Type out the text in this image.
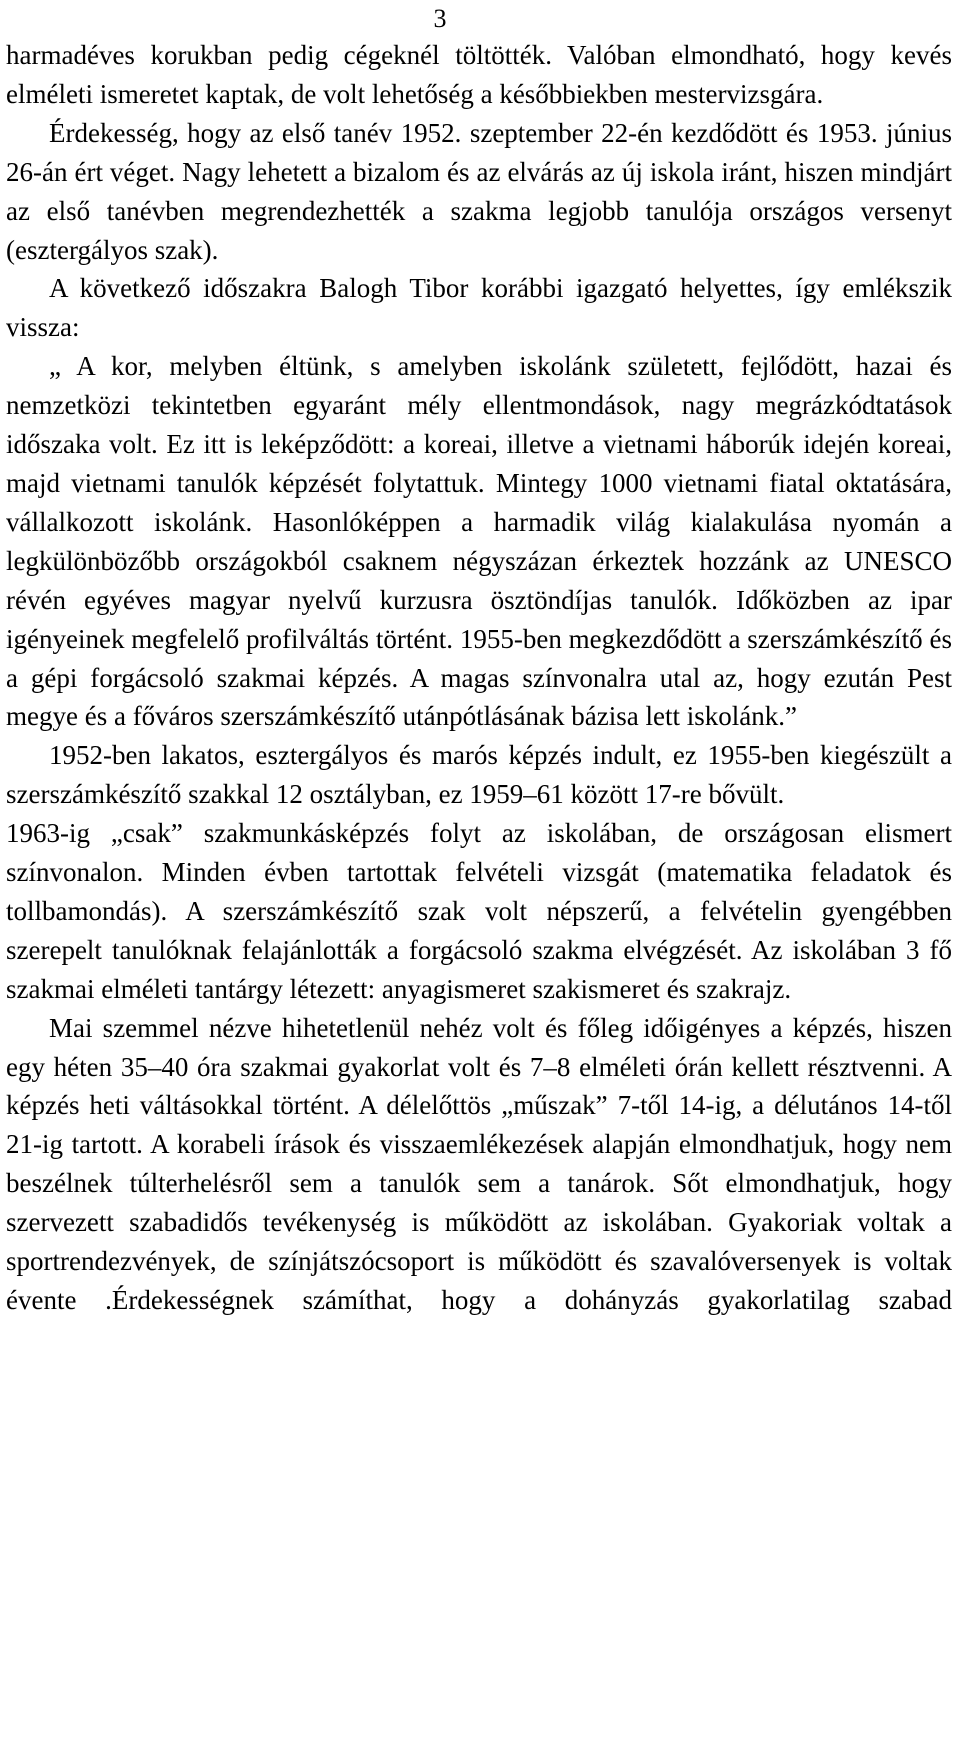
3

harmadéves korukban pedig cégeknél töltötték. Valóban elmondható, hogy kevés elméleti ismeretet kaptak, de volt lehetőség a későbbiekben mestervizsgára.

Érdekesség, hogy az első tanév 1952. szeptember 22-én kezdődött és 1953. június 26-án ért véget. Nagy lehetett a bizalom és az elvárás az új iskola iránt, hiszen mindjárt az első tanévben megrendezhették a szakma legjobb tanulója országos versenyt (esztergályos szak).

A következő időszakra Balogh Tibor korábbi igazgató helyettes, így emlékszik vissza:

„ A kor, melyben éltünk, s amelyben iskolánk született, fejlődött, hazai és nemzetközi tekintetben egyaránt mély ellentmondások, nagy megrázkódtatások időszaka volt. Ez itt is leképződött: a koreai, illetve a vietnami háborúk idején koreai, majd vietnami tanulók képzését folytattuk. Mintegy 1000 vietnami fiatal oktatására, vállalkozott iskolánk. Hasonlóképpen a harmadik világ kialakulása nyomán a legkülönbözőbb országokból csaknem négyszázan érkeztek hozzánk az UNESCO révén egyéves magyar nyelvű kurzusra ösztöndíjas tanulók. Időközben az ipar igényeinek megfelelő profilváltás történt. 1955-ben megkezdődött a szerszámkészítő és a gépi forgácsoló szakmai képzés. A magas színvonalra utal az, hogy ezután Pest megye és a főváros szerszámkészítő utánpótlásának bázisa lett iskolánk.”

1952-ben lakatos, esztergályos és marós képzés indult, ez 1955-ben kiegészült a szerszámkészítő szakkal 12 osztályban, ez 1959–61 között 17-re bővült.

1963-ig „csak” szakmunkásképzés folyt az iskolában, de országosan elismert színvonalon. Minden évben tartottak felvételi vizsgát (matematika feladatok és tollbamondás). A szerszámkészítő szak volt népszerű, a felvételin gyengébben szerepelt tanulóknak felajánlották a forgácsoló szakma elvégzését. Az iskolában 3 fő szakmai elméleti tantárgy létezett: anyagismeret szakismeret és szakrajz.

Mai szemmel nézve hihetetlenül nehéz volt és főleg időigényes a képzés, hiszen egy héten 35–40 óra szakmai gyakorlat volt és 7–8 elméleti órán kellett résztvenni. A képzés heti váltásokkal történt. A délelőttös „műszak” 7-től 14-ig, a délutános 14-től 21-ig tartott. A korabeli írások és visszaemlékezések alapján elmondhatjuk, hogy nem beszélnek túlterhelésről sem a tanulók sem a tanárok. Sőt elmondhatjuk, hogy szervezett szabadidős tevékenység is működött az iskolában. Gyakoriak voltak a sportrendezvények, de színjátszócsoport is működött és szavalóversenyek is voltak évente .Érdekességnek számíthat, hogy a dohányzás gyakorlatilag szabad
